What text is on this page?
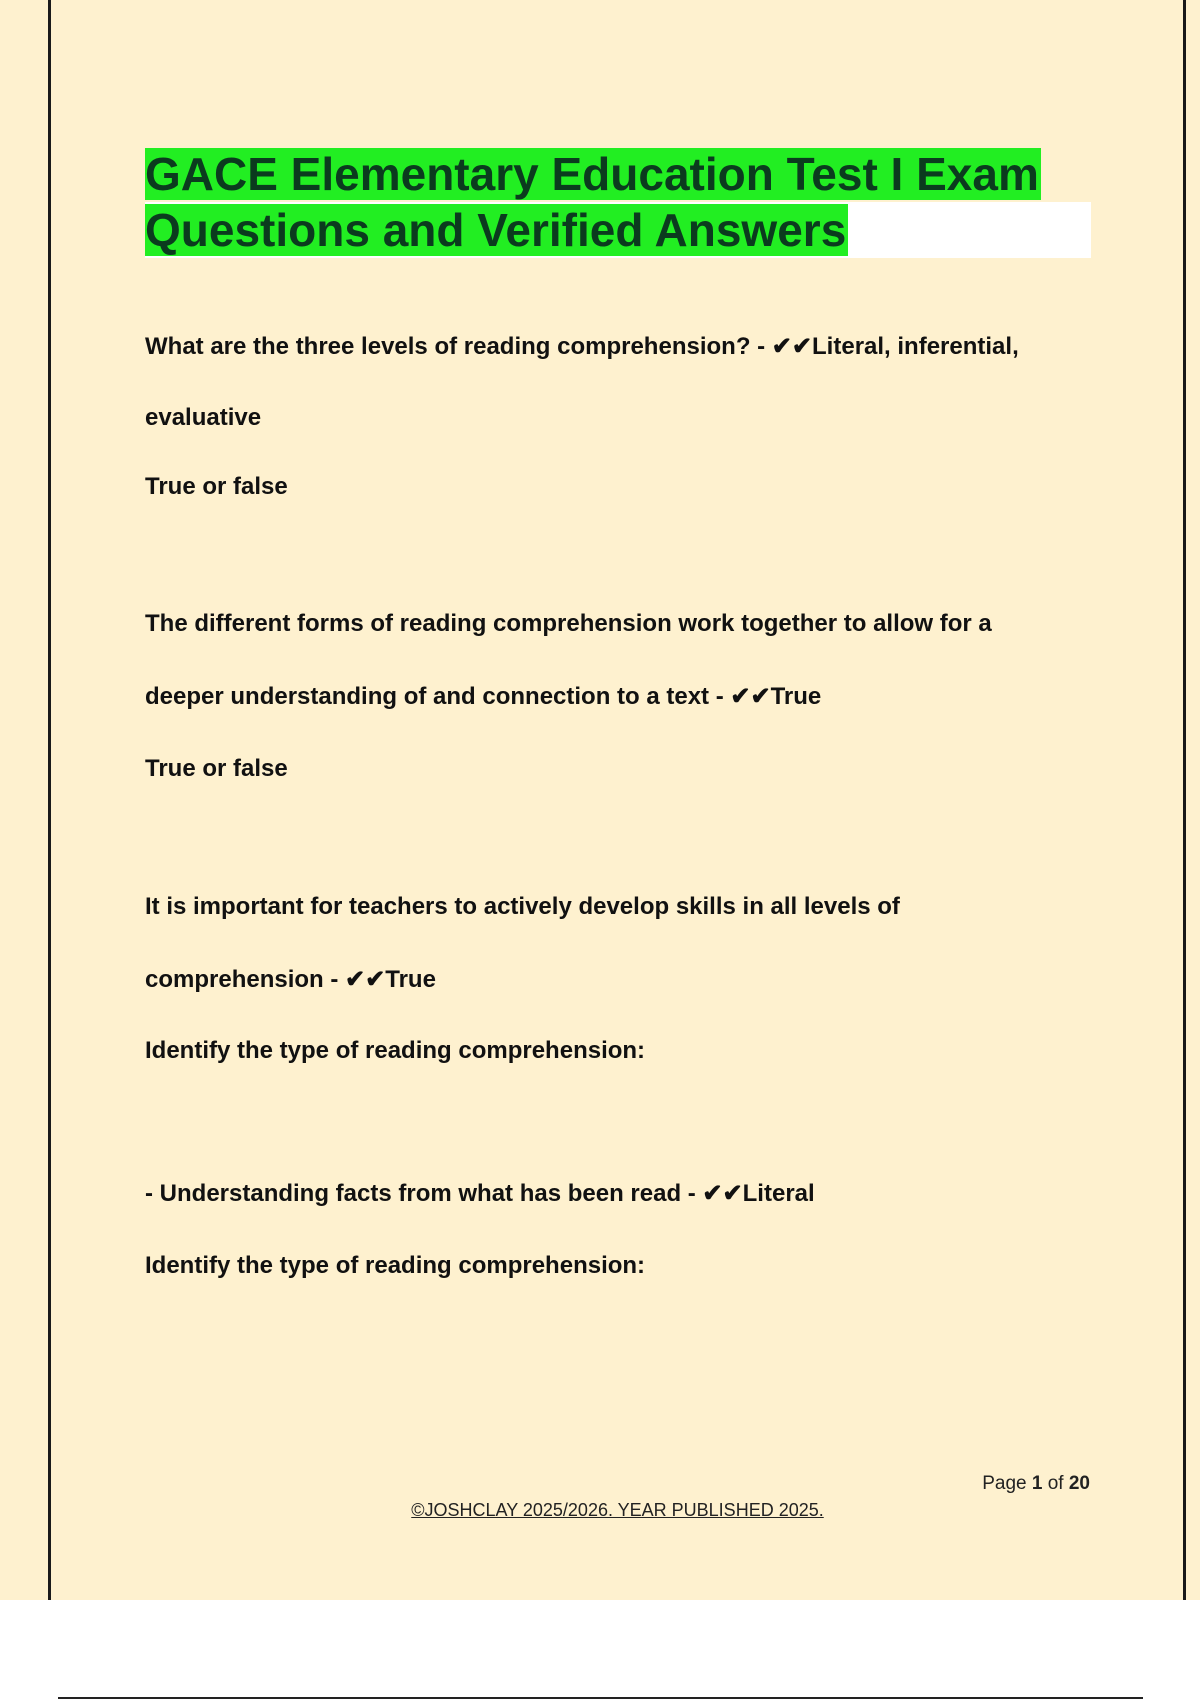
GACE Elementary Education Test I Exam
Questions and Verified Answers
What are the three levels of reading comprehension? - ✔✔Literal, inferential,
evaluative
True or false
The different forms of reading comprehension work together to allow for a
deeper understanding of and connection to a text - ✔✔True
True or false
It is important for teachers to actively develop skills in all levels of
comprehension - ✔✔True
Identify the type of reading comprehension:
- Understanding facts from what has been read - ✔✔Literal
Identify the type of reading comprehension:
Page 1 of 20
©JOSHCLAY 2025/2026. YEAR PUBLISHED 2025.
